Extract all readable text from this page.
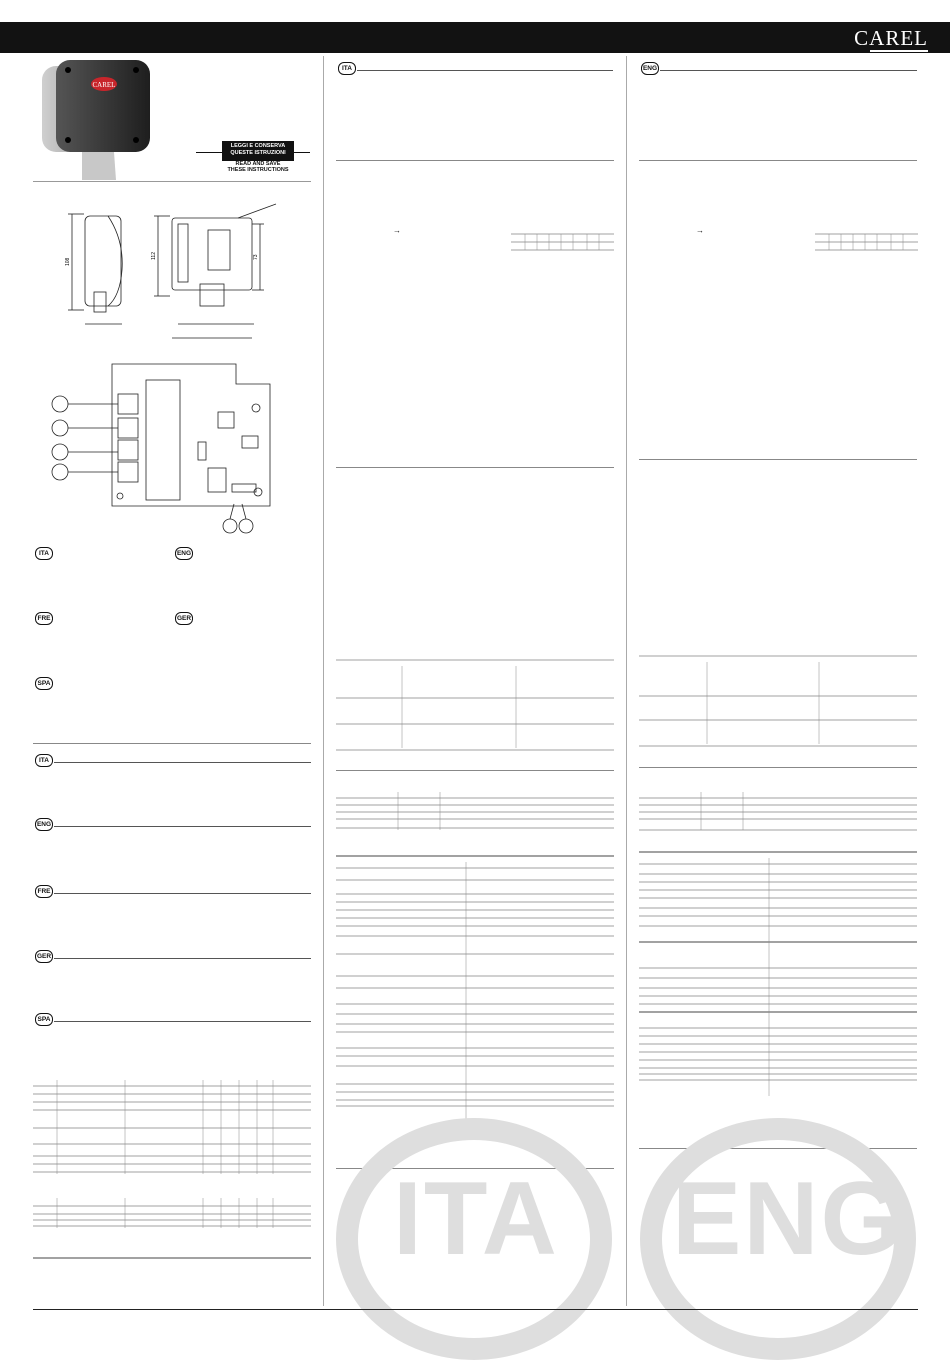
CAREL
CAREL
LEGGI E CONSERVA
QUESTE ISTRUZIONI
READ AND SAVE
THESE INSTRUCTIONS
108
112	73
ITA	ENG
FRE	GER
SPA
ITA
ENG
FRE
GER
SPA
ITA
→
ENG
→
ITA ENG
